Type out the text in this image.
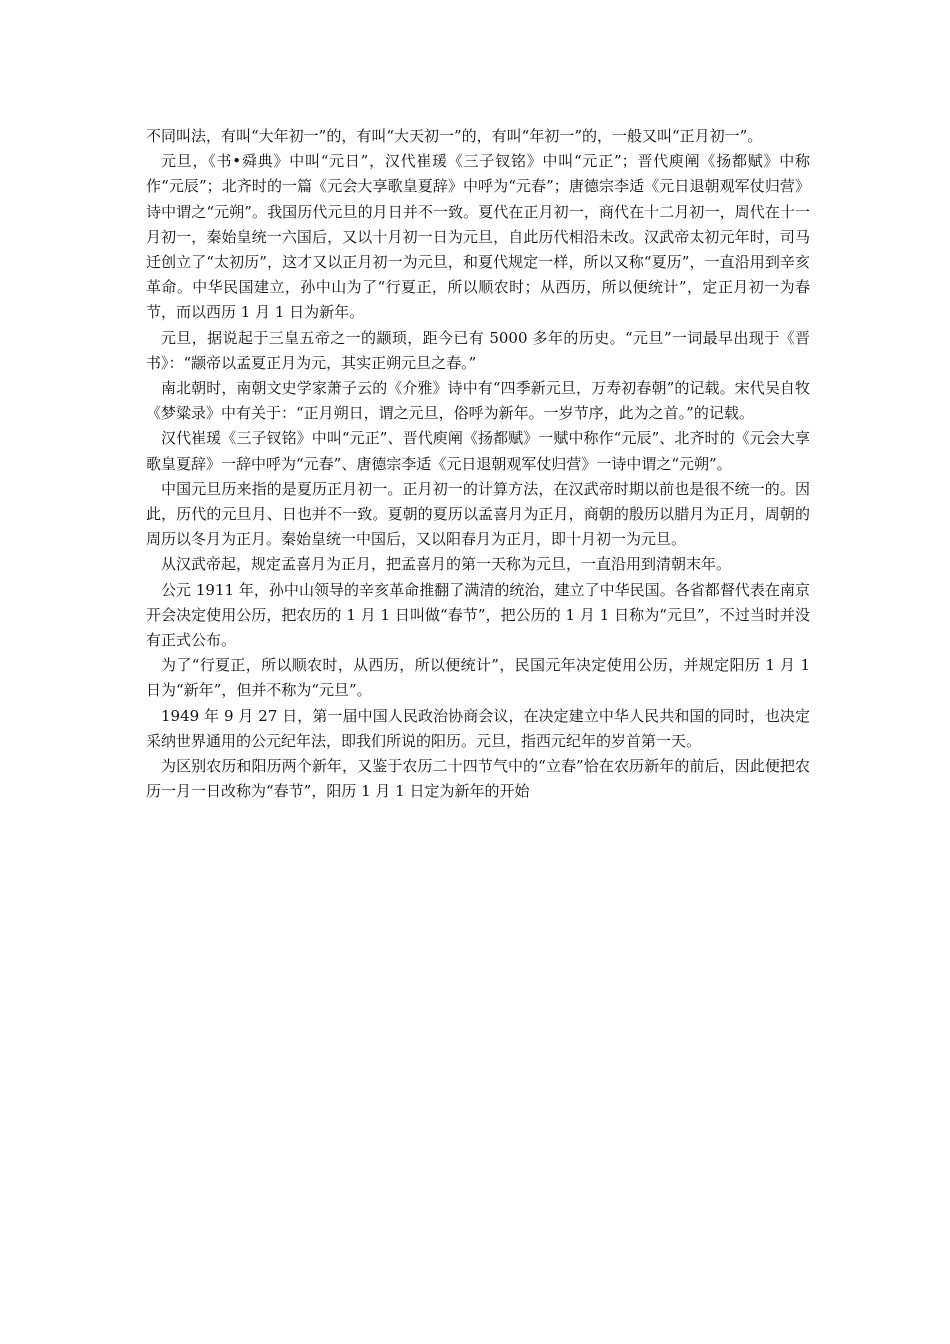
不同叫法，有叫“大年初一”的，有叫“大天初一”的，有叫“年初一”的，一般又叫“正月初一”。

元旦，《书•舜典》中叫“元日”，汉代崔瑗《三子钗铭》中叫“元正”；晋代庾阐《扬都赋》中称作“元辰”；北齐时的一篇《元会大享歌皇夏辞》中呼为“元春”；唐德宗李适《元日退朝观军仗归营》诗中谓之“元朔”。我国历代元旦的月日并不一致。夏代在正月初一，商代在十二月初一，周代在十一月初一，秦始皇统一六国后，又以十月初一日为元旦，自此历代相沿未改。汉武帝太初元年时，司马迁创立了“太初历”，这才又以正月初一为元旦，和夏代规定一样，所以又称“夏历”，一直沿用到辛亥革命。中华民国建立，孙中山为了“行夏正，所以顺农时；从西历，所以便统计”，定正月初一为春节，而以西历 1 月 1 日为新年。

元旦，据说起于三皇五帝之一的颛顼，距今已有 5000 多年的历史。“元旦”一词最早出现于《晋书》：“颛帝以孟夏正月为元，其实正朔元旦之春。”

南北朝时，南朝文史学家萧子云的《介雅》诗中有“四季新元旦，万寿初春朝”的记载。宋代吴自牧《梦粱录》中有关于：“正月朔日，谓之元旦，俗呼为新年。一岁节序，此为之首。”的记载。

汉代崔瑗《三子钗铭》中叫“元正”、晋代庾阐《扬都赋》一赋中称作“元辰”、北齐时的《元会大享歌皇夏辞》一辞中呼为“元春”、唐德宗李适《元日退朝观军仗归营》一诗中谓之“元朔”。

中国元旦历来指的是夏历正月初一。正月初一的计算方法，在汉武帝时期以前也是很不统一的。因此，历代的元旦月、日也并不一致。夏朝的夏历以孟喜月为正月，商朝的殷历以腊月为正月，周朝的周历以冬月为正月。秦始皇统一中国后，又以阳春月为正月，即十月初一为元旦。

从汉武帝起，规定孟喜月为正月，把孟喜月的第一天称为元旦，一直沿用到清朝末年。

公元 1911 年，孙中山领导的辛亥革命推翻了满清的统治，建立了中华民国。各省都督代表在南京开会决定使用公历，把农历的 1 月 1 日叫做“春节”，把公历的 1 月 1 日称为“元旦”，不过当时并没有正式公布。

为了“行夏正，所以顺农时，从西历，所以便统计”，民国元年决定使用公历，并规定阳历 1 月 1 日为“新年”，但并不称为“元旦”。

1949 年 9 月 27 日，第一届中国人民政治协商会议，在决定建立中华人民共和国的同时，也决定采纳世界通用的公元纪年法，即我们所说的阳历。元旦，指西元纪年的岁首第一天。

为区别农历和阳历两个新年，又鉴于农历二十四节气中的“立春”恰在农历新年的前后，因此便把农历一月一日改称为“春节”，阳历 1 月 1 日定为新年的开始
